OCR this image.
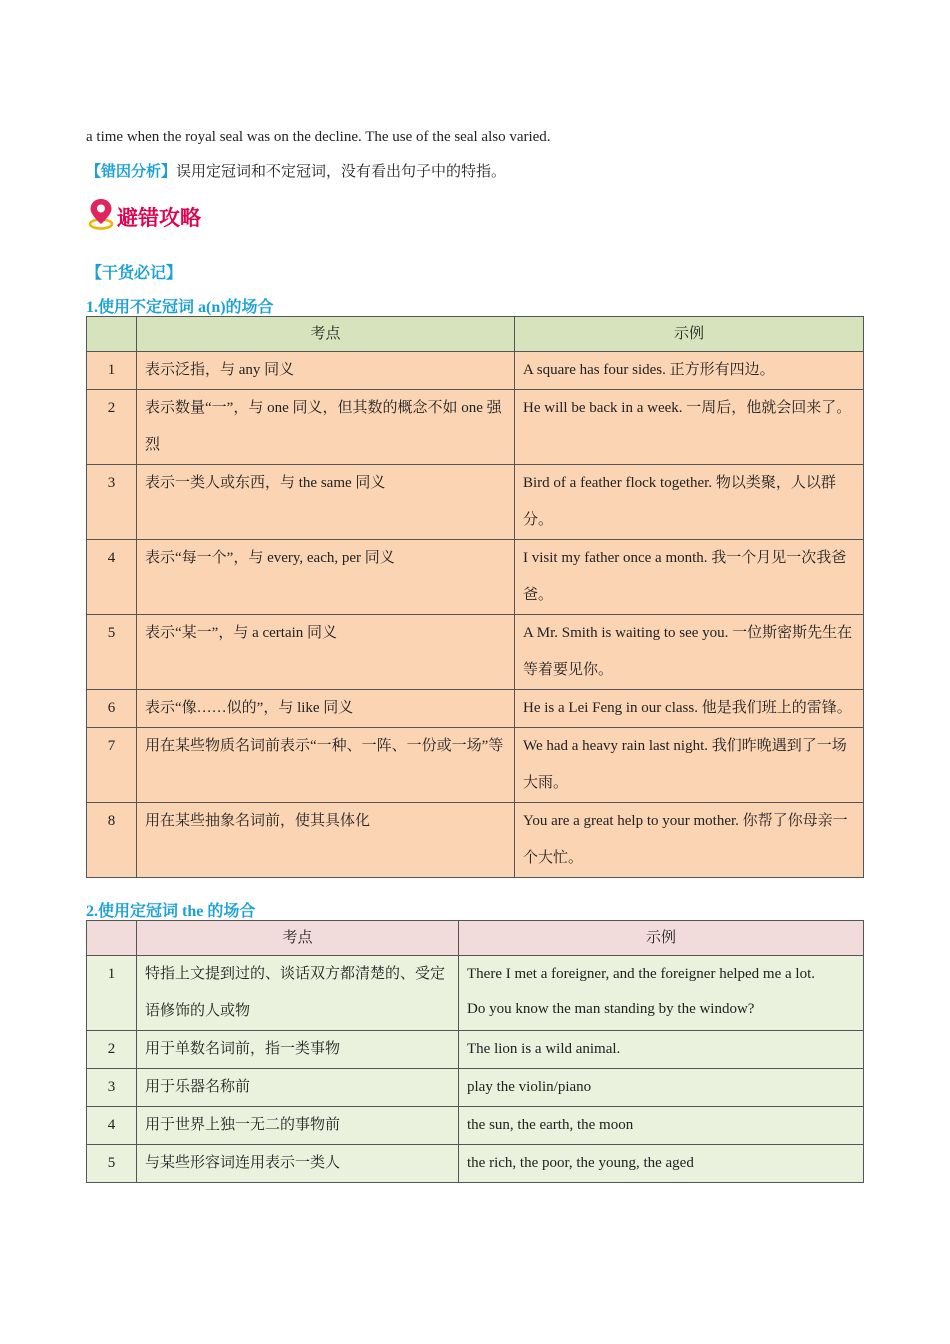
a time when the royal seal was on the decline. The use of the seal also varied.
【错因分析】误用定冠词和不定冠词，没有看出句子中的特指。
避错攻略
【干货必记】
1.使用不定冠词 a(n)的场合
	考点	示例
1	表示泛指，与 any 同义	A square has four sides. 正方形有四边。
2	表示数量“一”，与 one 同义，但其数的概念不如 one 强烈	He will be back in a week. 一周后，他就会回来了。
3	表示一类人或东西，与 the same 同义	Bird of a feather flock together. 物以类聚，人以群分。
4	表示“每一个”，与 every, each, per 同义	I visit my father once a month. 我一个月见一次我爸爸。
5	表示“某一”，与 a certain 同义	A Mr. Smith is waiting to see you. 一位斯密斯先生在等着要见你。
6	表示“像……似的”，与 like 同义	He is a Lei Feng in our class. 他是我们班上的雷锋。
7	用在某些物质名词前表示“一种、一阵、一份或一场”等	We had a heavy rain last night. 我们昨晚遇到了一场大雨。
8	用在某些抽象名词前，使其具体化	You are a great help to your mother. 你帮了你母亲一个大忙。
2.使用定冠词 the 的场合
	考点	示例
1	特指上文提到过的、谈话双方都清楚的、受定语修饰的人或物	There I met a foreigner, and the foreigner helped me a lot.
Do you know the man standing by the window?

2	用于单数名词前，指一类事物	The lion is a wild animal.
3	用于乐器名称前	play the violin/piano
4	用于世界上独一无二的事物前	the sun, the earth, the moon
5	与某些形容词连用表示一类人	the rich, the poor, the young, the aged
